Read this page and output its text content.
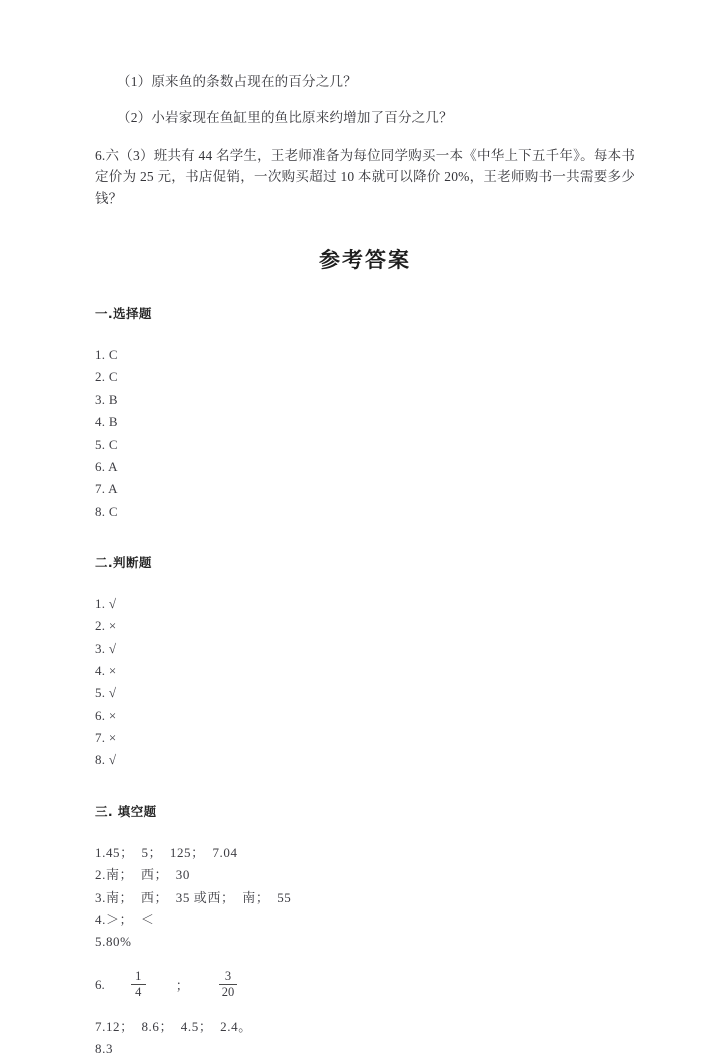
（1）原来鱼的条数占现在的百分之几？

（2）小岩家现在鱼缸里的鱼比原来约增加了百分之几？

6.六（3）班共有 44 名学生，王老师准备为每位同学购买一本《中华上下五千年》。每本书定价为 25 元，书店促销，一次购买超过 10 本就可以降价 20%，王老师购书一共需要多少钱？

参考答案
一.选择题
1. C
2. C
3. B
4. B
5. C
6. A
7. A
8. C
二.判断题
1. √
2. ×
3. √
4. ×
5. √
6. ×
7. ×
8. √
三. 填空题
1.45；  5；  125；  7.04
2.南；  西；  30
3.南；  西；  35 或西；  南；  55
4.＞；  ＜
5.80%
6. $\frac{1}{4}$ ； $\frac{3}{20}$
7.12；  8.6；  4.5；  2.4。
8.3
